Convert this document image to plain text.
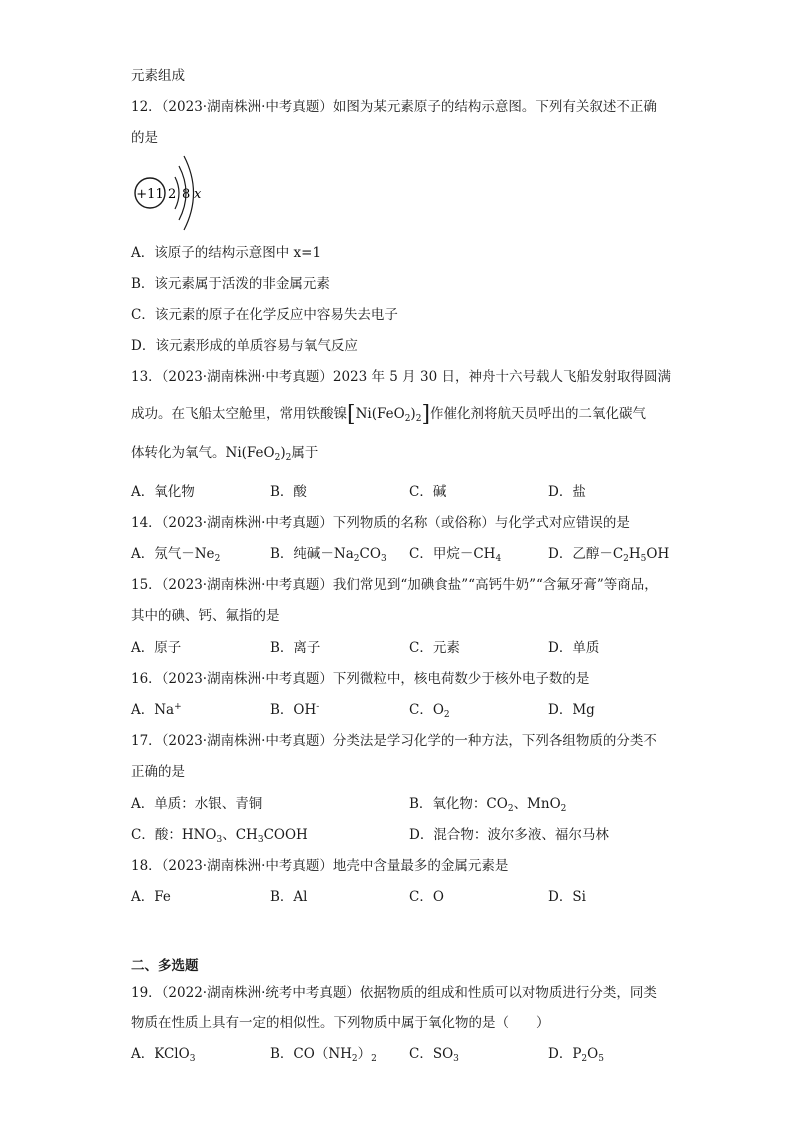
元素组成
12．（2023·湖南株洲·中考真题）如图为某元素原子的结构示意图。下列有关叙述不正确
的是
+11 2 8 x
A．该原子的结构示意图中 x=1
B．该元素属于活泼的非金属元素
C．该元素的原子在化学反应中容易失去电子
D．该元素形成的单质容易与氧气反应
13．（2023·湖南株洲·中考真题）2023 年 5 月 30 日，神舟十六号载人飞船发射取得圆满
成功。在飞船太空舱里，常用铁酸镍$[Ni(FeO_2)_2]$作催化剂将航天员呼出的二氧化碳气
体转化为氧气。$Ni(FeO_2)_2$属于
A．氧化物	B．酸	C．碱	D．盐
14．（2023·湖南株洲·中考真题）下列物质的名称（或俗称）与化学式对应错误的是
A．氖气$-Ne_2$	B．纯碱$-Na_2CO_3$ C．甲烷$-CH_4$	D．乙醇$-C_2H_5OH$
15．（2023·湖南株洲·中考真题）我们常见到“加碘食盐”“高钙牛奶”“含氟牙膏”等商品，
其中的碘、钙、氟指的是
A．原子	B．离子	C．元素	D．单质
16．（2023·湖南株洲·中考真题）下列微粒中，核电荷数少于核外电子数的是
A．Na+	B．OH-	C．$O_2$	D．Mg
17．（2023·湖南株洲·中考真题）分类法是学习化学的一种方法，下列各组物质的分类不
正确的是
A．单质：水银、青铜	B．氧化物：$CO_2$、MnO$_2$
C．酸：$HNO_3$、$CH_3COOH$	D．混合物：波尔多液、福尔马林
18．（2023·湖南株洲·中考真题）地壳中含量最多的金属元素是
A．Fe	B．Al	C．O	D．Si
二、多选题
19．（2022·湖南株洲·统考中考真题）依据物质的组成和性质可以对物质进行分类，同类
物质在性质上具有一定的相似性。下列物质中属于氧化物的是（　　）
A．KClO$_3$	B．$CO(NH_2)_2$ C．$SO_3$	D．$P_2O_5$
